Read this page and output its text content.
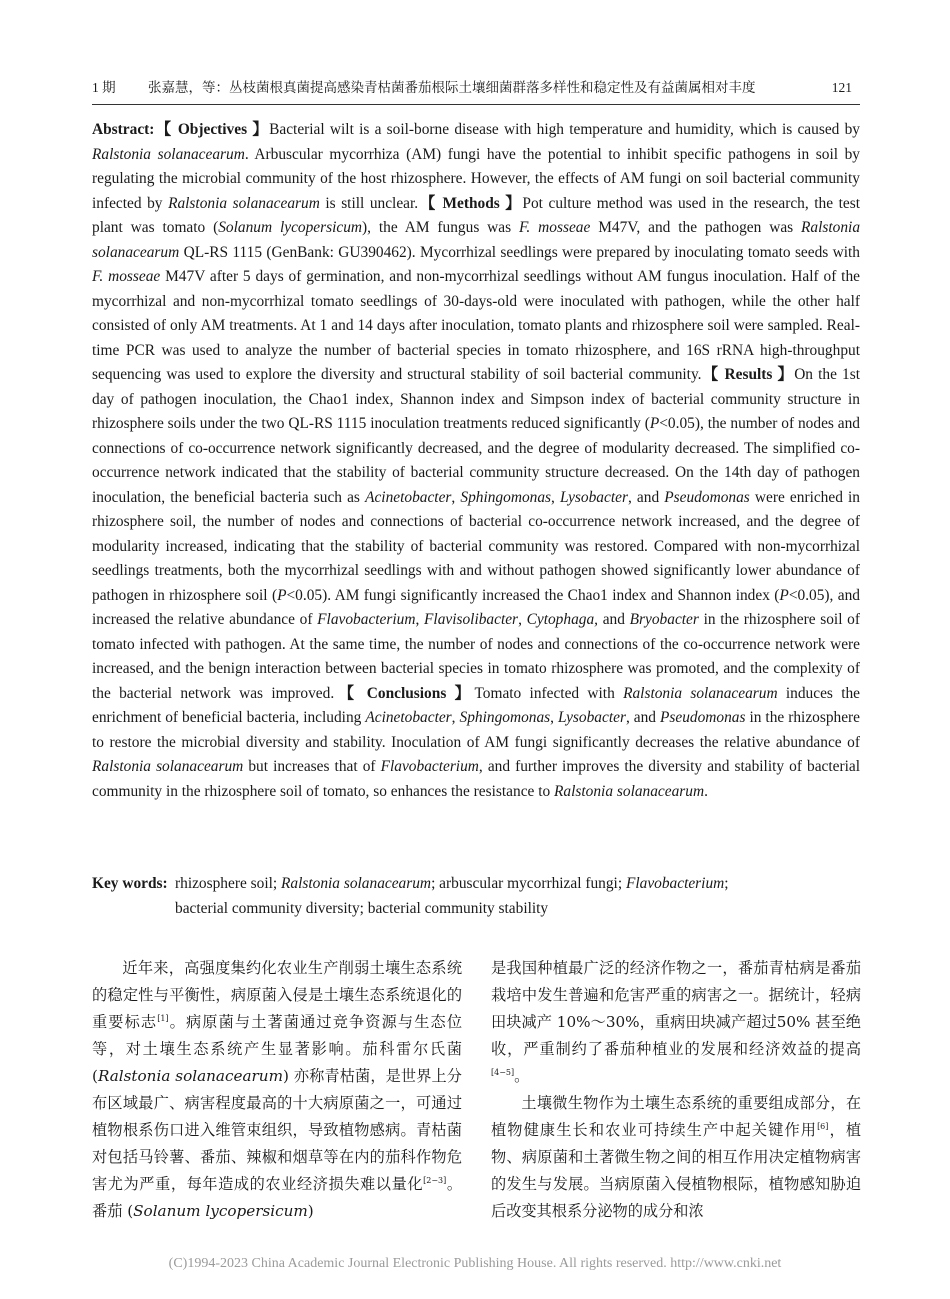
1 期 张嘉慧，等：丛枝菌根真菌提高感染青枯菌番茄根际土壤细菌群落多样性和稳定性及有益菌属相对丰度	121

Abstract:【 Objectives 】Bacterial wilt is a soil-borne disease with high temperature and humidity, which is caused by Ralstonia solanacearum. Arbuscular mycorrhiza (AM) fungi have the potential to inhibit specific pathogens in soil by regulating the microbial community of the host rhizosphere. However, the effects of AM fungi on soil bacterial community infected by Ralstonia solanacearum is still unclear.【 Methods 】Pot culture method was used in the research, the test plant was tomato (Solanum lycopersicum), the AM fungus was F. mosseae M47V, and the pathogen was Ralstonia solanacearum QL-RS 1115 (GenBank: GU390462). Mycorrhizal seedlings were prepared by inoculating tomato seeds with F. mosseae M47V after 5 days of germination, and non-mycorrhizal seedlings without AM fungus inoculation. Half of the mycorrhizal and non-mycorrhizal tomato seedlings of 30-days-old were inoculated with pathogen, while the other half consisted of only AM treatments. At 1 and 14 days after inoculation, tomato plants and rhizosphere soil were sampled. Real-time PCR was used to analyze the number of bacterial species in tomato rhizosphere, and 16S rRNA high-throughput sequencing was used to explore the diversity and structural stability of soil bacterial community.【 Results 】On the 1st day of pathogen inoculation, the Chao1 index, Shannon index and Simpson index of bacterial community structure in rhizosphere soils under the two QL-RS 1115 inoculation treatments reduced significantly (P<0.05), the number of nodes and connections of co-occurrence network significantly decreased, and the degree of modularity decreased. The simplified co-occurrence network indicated that the stability of bacterial community structure decreased. On the 14th day of pathogen inoculation, the beneficial bacteria such as Acinetobacter, Sphingomonas, Lysobacter, and Pseudomonas were enriched in rhizosphere soil, the number of nodes and connections of bacterial co-occurrence network increased, and the degree of modularity increased, indicating that the stability of bacterial community was restored. Compared with non-mycorrhizal seedlings treatments, both the mycorrhizal seedlings with and without pathogen showed significantly lower abundance of pathogen in rhizosphere soil (P<0.05). AM fungi significantly increased the Chao1 index and Shannon index (P<0.05), and increased the relative abundance of Flavobacterium, Flavisolibacter, Cytophaga, and Bryobacter in the rhizosphere soil of tomato infected with pathogen. At the same time, the number of nodes and connections of the co-occurrence network were increased, and the benign interaction between bacterial species in tomato rhizosphere was promoted, and the complexity of the bacterial network was improved.【 Conclusions 】Tomato infected with Ralstonia solanacearum induces the enrichment of beneficial bacteria, including Acinetobacter, Sphingomonas, Lysobacter, and Pseudomonas in the rhizosphere to restore the microbial diversity and stability. Inoculation of AM fungi significantly decreases the relative abundance of Ralstonia solanacearum but increases that of Flavobacterium, and further improves the diversity and stability of bacterial community in the rhizosphere soil of tomato, so enhances the resistance to Ralstonia solanacearum.

Key words: rhizosphere soil; Ralstonia solanacearum; arbuscular mycorrhizal fungi; Flavobacterium;
bacterial community diversity; bacterial community stability

近年来，高强度集约化农业生产削弱土壤生态系统的稳定性与平衡性，病原菌入侵是土壤生态系统退化的重要标志[1]。病原菌与土著菌通过竞争资源与生态位等，对土壤生态系统产生显著影响。茄科雷尔氏菌 (Ralstonia solanacearum) 亦称青枯菌，是世界上分布区域最广、病害程度最高的十大病原菌之一，可通过植物根系伤口进入维管束组织，导致植物感病。青枯菌对包括马铃薯、番茄、辣椒和烟草等在内的茄科作物危害尤为严重，每年造成的农业经济损失难以量化[2−3]。番茄 (Solanum lycopersicum)

是我国种植最广泛的经济作物之一，番茄青枯病是番茄栽培中发生普遍和危害严重的病害之一。据统计，轻病田块减产 10%～30%，重病田块减产超过50% 甚至绝收，严重制约了番茄种植业的发展和经济效益的提高[4−5]。

土壤微生物作为土壤生态系统的重要组成部分，在植物健康生长和农业可持续生产中起关键作用[6]，植物、病原菌和土著微生物之间的相互作用决定植物病害的发生与发展。当病原菌入侵植物根际，植物感知胁迫后改变其根系分泌物的成分和浓

(C)1994-2023 China Academic Journal Electronic Publishing House. All rights reserved. http://www.cnki.net
